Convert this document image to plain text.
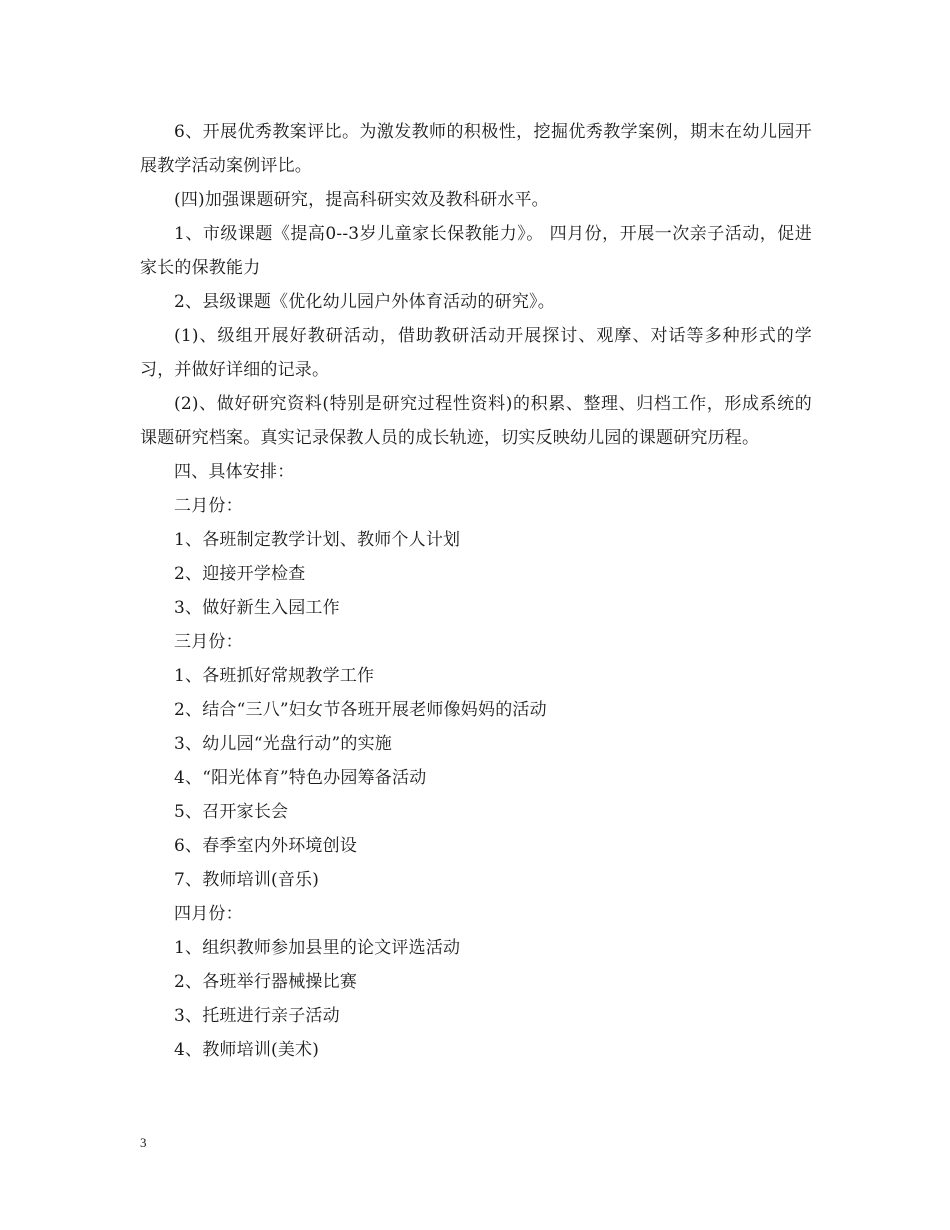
6、开展优秀教案评比。为激发教师的积极性，挖掘优秀教学案例，期末在幼儿园开展教学活动案例评比。

(四)加强课题研究，提高科研实效及教科研水平。

1、市级课题《提高0--3岁儿童家长保教能力》。 四月份，开展一次亲子活动，促进家长的保教能力

2、县级课题《优化幼儿园户外体育活动的研究》。

(1)、级组开展好教研活动，借助教研活动开展探讨、观摩、对话等多种形式的学习，并做好详细的记录。

(2)、做好研究资料(特别是研究过程性资料)的积累、整理、归档工作，形成系统的课题研究档案。真实记录保教人员的成长轨迹，切实反映幼儿园的课题研究历程。

四、具体安排：

二月份：

1、各班制定教学计划、教师个人计划

2、迎接开学检查

3、做好新生入园工作

三月份：

1、各班抓好常规教学工作

2、结合“三八”妇女节各班开展老师像妈妈的活动

3、幼儿园“光盘行动”的实施

4、“阳光体育”特色办园筹备活动

5、召开家长会

6、春季室内外环境创设

7、教师培训(音乐)

四月份：

1、组织教师参加县里的论文评选活动

2、各班举行器械操比赛

3、托班进行亲子活动

4、教师培训(美术)

3
